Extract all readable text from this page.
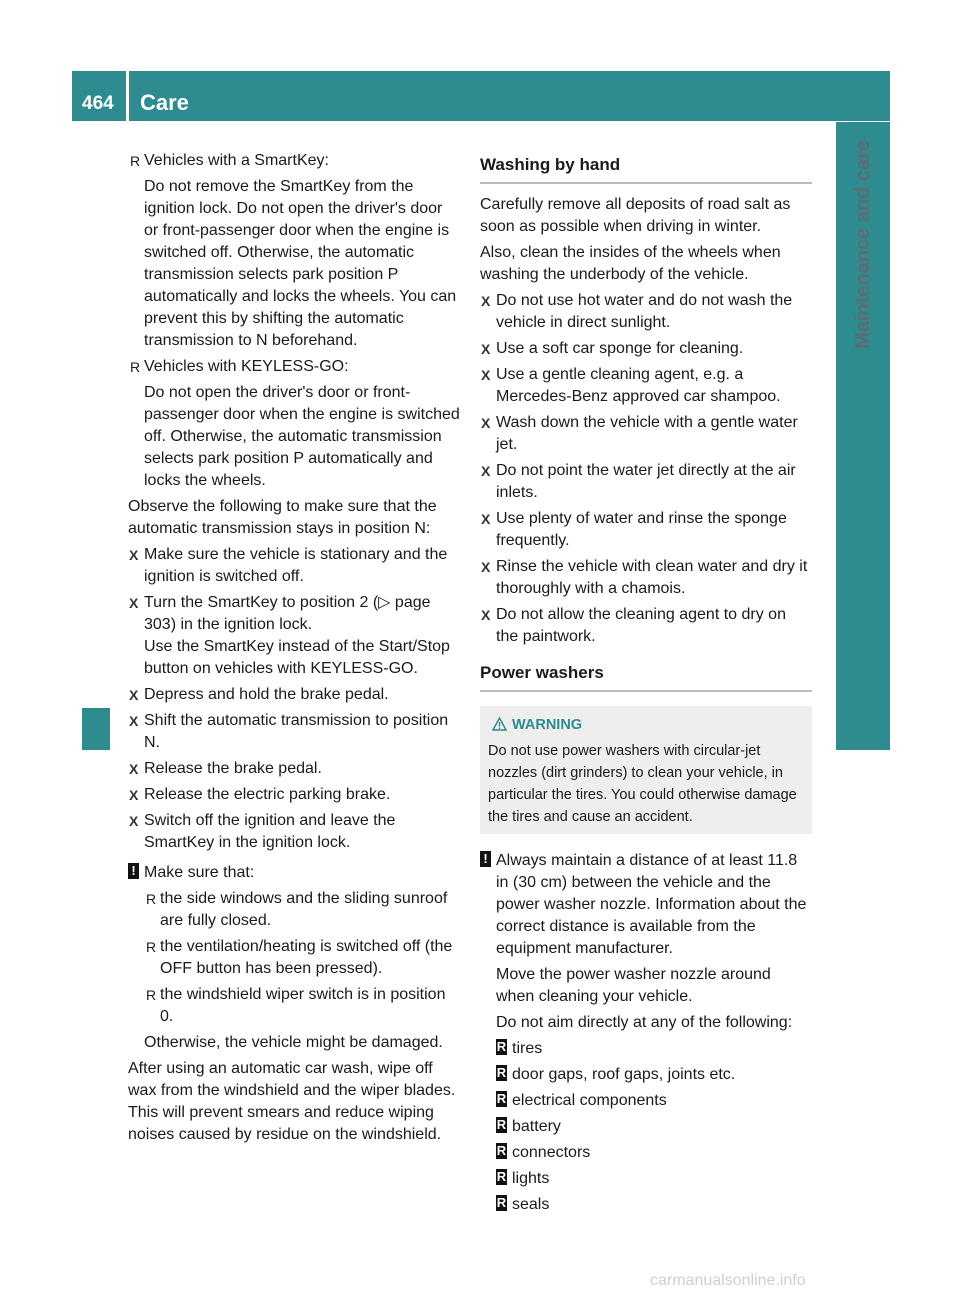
464 Care
Maintenance and care
R Vehicles with a SmartKey:

Do not remove the SmartKey from the ignition lock. Do not open the driver's door or front-passenger door when the engine is switched off. Otherwise, the automatic transmission selects park position P automatically and locks the wheels. You can prevent this by shifting the automatic transmission to N beforehand.

R Vehicles with KEYLESS-GO:

Do not open the driver's door or front-passenger door when the engine is switched off. Otherwise, the automatic transmission selects park position P automatically and locks the wheels.

Observe the following to make sure that the automatic transmission stays in position N:

X Make sure the vehicle is stationary and the ignition is switched off.
X Turn the SmartKey to position 2 (▷ page 303) in the ignition lock.
Use the SmartKey instead of the Start/Stop button on vehicles with KEYLESS-GO.
X Depress and hold the brake pedal.
X Shift the automatic transmission to position N.
X Release the brake pedal.
X Release the electric parking brake.
X Switch off the ignition and leave the SmartKey in the ignition lock.
! Make sure that:
R the side windows and the sliding sunroof are fully closed.
R the ventilation/heating is switched off (the OFF button has been pressed).
R the windshield wiper switch is in position 0.

Otherwise, the vehicle might be damaged.

After using an automatic car wash, wipe off wax from the windshield and the wiper blades. This will prevent smears and reduce wiping noises caused by residue on the windshield.

Washing by hand

Carefully remove all deposits of road salt as soon as possible when driving in winter.

Also, clean the insides of the wheels when washing the underbody of the vehicle.

X Do not use hot water and do not wash the vehicle in direct sunlight.
X Use a soft car sponge for cleaning.
X Use a gentle cleaning agent, e.g. a Mercedes-Benz approved car shampoo.
X Wash down the vehicle with a gentle water jet.
X Do not point the water jet directly at the air inlets.
X Use plenty of water and rinse the sponge frequently.
X Rinse the vehicle with clean water and dry it thoroughly with a chamois.
X Do not allow the cleaning agent to dry on the paintwork.
Power washers
WARNING
Do not use power washers with circular-jet nozzles (dirt grinders) to clean your vehicle, in particular the tires. You could otherwise damage the tires and cause an accident.
! Always maintain a distance of at least 11.8 in (30 cm) between the vehicle and the power washer nozzle. Information about the correct distance is available from the equipment manufacturer.

Move the power washer nozzle around when cleaning your vehicle.

Do not aim directly at any of the following:

R tires
R door gaps, roof gaps, joints etc.
R electrical components
R battery
R connectors
R lights
R seals
carmanualsonline.info
